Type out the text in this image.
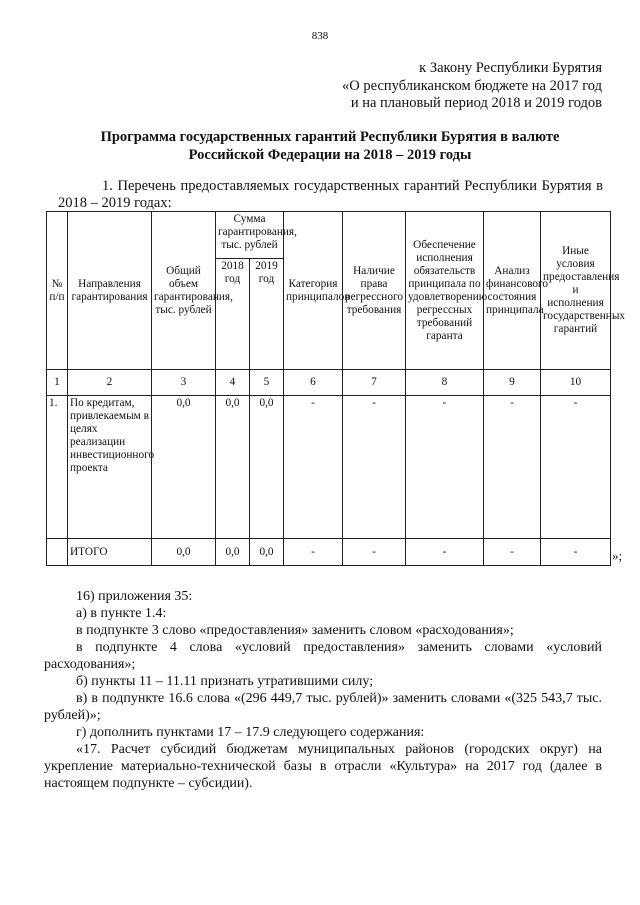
838
к Закону Республики Бурятия
«О республиканском бюджете на 2017 год
и на плановый период 2018 и 2019 годов
Программа государственных гарантий Республики Бурятия в валюте
Российской Федерации на 2018 – 2019 годы
1. Перечень предоставляемых государственных гарантий Республики Бурятия в 2018 – 2019 годах:
№ п/п	Направления гарантирования	Общий объем гарантирования, тыс. рублей	Сумма гарантирования, тыс. рублей		Категория принципалов	Наличие права регрессного требования	Обеспечение исполнения обязательств принципала по удовлетворению регрессных требований гаранта	Анализ финансового состояния принципала	Иные условия предоставления и исполнения государственных гарантий
			2018 год	2019 год					
1	2	3	4	5	6	7	8	9	10
1.	По кредитам, привлекаемым в целях реализации инвестиционного проекта	0,0	0,0	0,0	-	-	-	-	-
	ИТОГО	0,0	0,0	0,0	-	-	-	-	-	»;

16) приложения 35:

а) в пункте 1.4:

в подпункте 3 слово «предоставления» заменить словом «расходования»;

в подпункте 4 слова «условий предоставления» заменить словами «условий расходования»;

б) пункты 11 – 11.11 признать утратившими силу;

в) в подпункте 16.6 слова «(296 449,7 тыс. рублей)» заменить словами «(325 543,7 тыс. рублей)»;

г) дополнить пунктами 17 – 17.9 следующего содержания:

«17. Расчет субсидий бюджетам муниципальных районов (городских округ) на укрепление материально-технической базы в отрасли «Культура» на 2017 год (далее в настоящем подпункте – субсидии).
